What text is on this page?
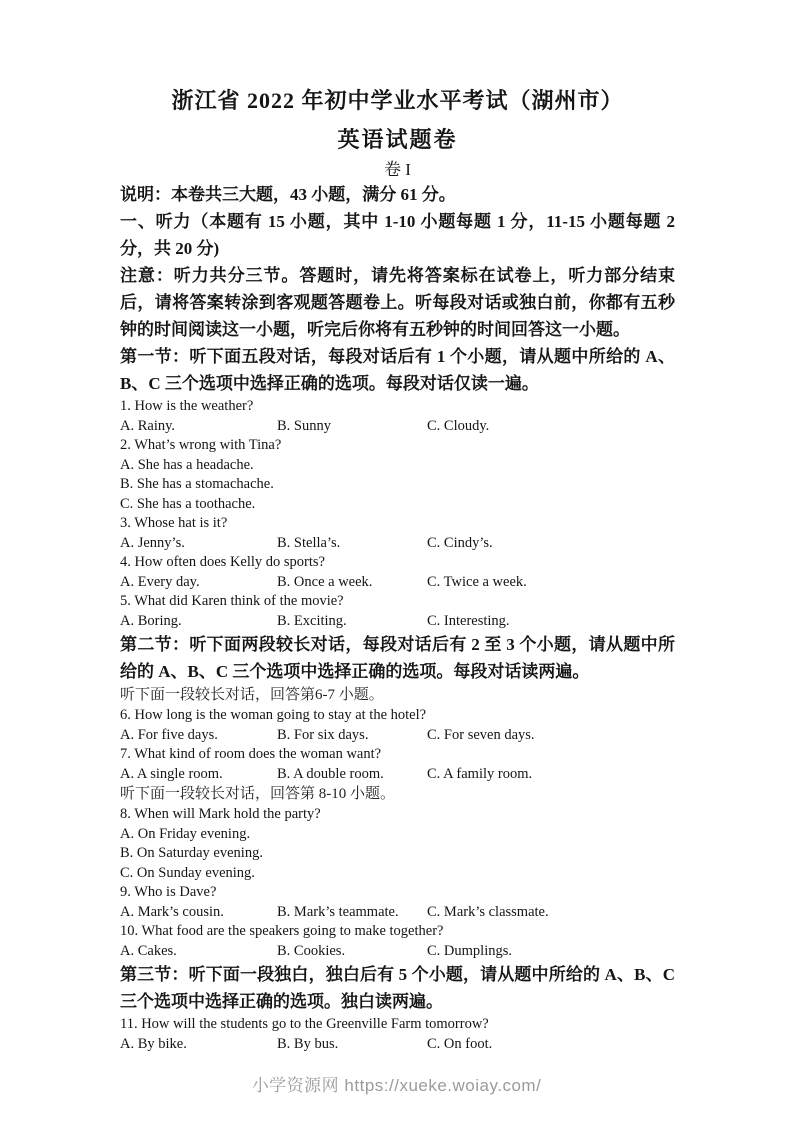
浙江省 2022 年初中学业水平考试（湖州市）
英语试题卷
卷 I

说明：本卷共三大题，43 小题，满分 61 分。

一、听力（本题有 15 小题，其中 1-10 小题每题 1 分，11-15 小题每题 2 分，共 20 分)

注意：听力共分三节。答题时，请先将答案标在试卷上，听力部分结束后，请将答案转涂到客观题答题卷上。听每段对话或独白前，你都有五秒钟的时间阅读这一小题，听完后你将有五秒钟的时间回答这一小题。

第一节：听下面五段对话，每段对话后有 1 个小题，请从题中所给的 A、B、C 三个选项中选择正确的选项。每段对话仅读一遍。

1. How is the weather?
A. Rainy.	B. Sunny	C. Cloudy.
2. What’s wrong with Tina?
A. She has a headache.
B. She has a stomachache.
C. She has a toothache.
3. Whose hat is it?
A. Jenny’s.	B. Stella’s.	C. Cindy’s.
4. How often does Kelly do sports?
A. Every day.	B. Once a week.	C. Twice a week.
5. What did Karen think of the movie?
A. Boring.	B. Exciting.	C. Interesting.

第二节：听下面两段较长对话，每段对话后有 2 至 3 个小题，请从题中所给的 A、B、C 三个选项中选择正确的选项。每段对话读两遍。

听下面一段较长对话，回答第6-7 小题。

6. How long is the woman going to stay at the hotel?
A. For five days.	B. For six days.	C. For seven days.
7. What kind of room does the woman want?
A. A single room.	B. A double room.	C. A family room.

听下面一段较长对话，回答第 8-10 小题。

8. When will Mark hold the party?
A. On Friday evening.
B. On Saturday evening.
C. On Sunday evening.
9. Who is Dave?
A. Mark’s cousin.	B. Mark’s teammate.	C. Mark’s classmate.
10. What food are the speakers going to make together?
A. Cakes.	B. Cookies.	C. Dumplings.

第三节：听下面一段独白，独白后有 5 个小题，请从题中所给的 A、B、C 三个选项中选择正确的选项。独白读两遍。

11. How will the students go to the Greenville Farm tomorrow?
A. By bike.	B. By bus.	C. On foot.
小学资源网 https://xueke.woiay.com/
